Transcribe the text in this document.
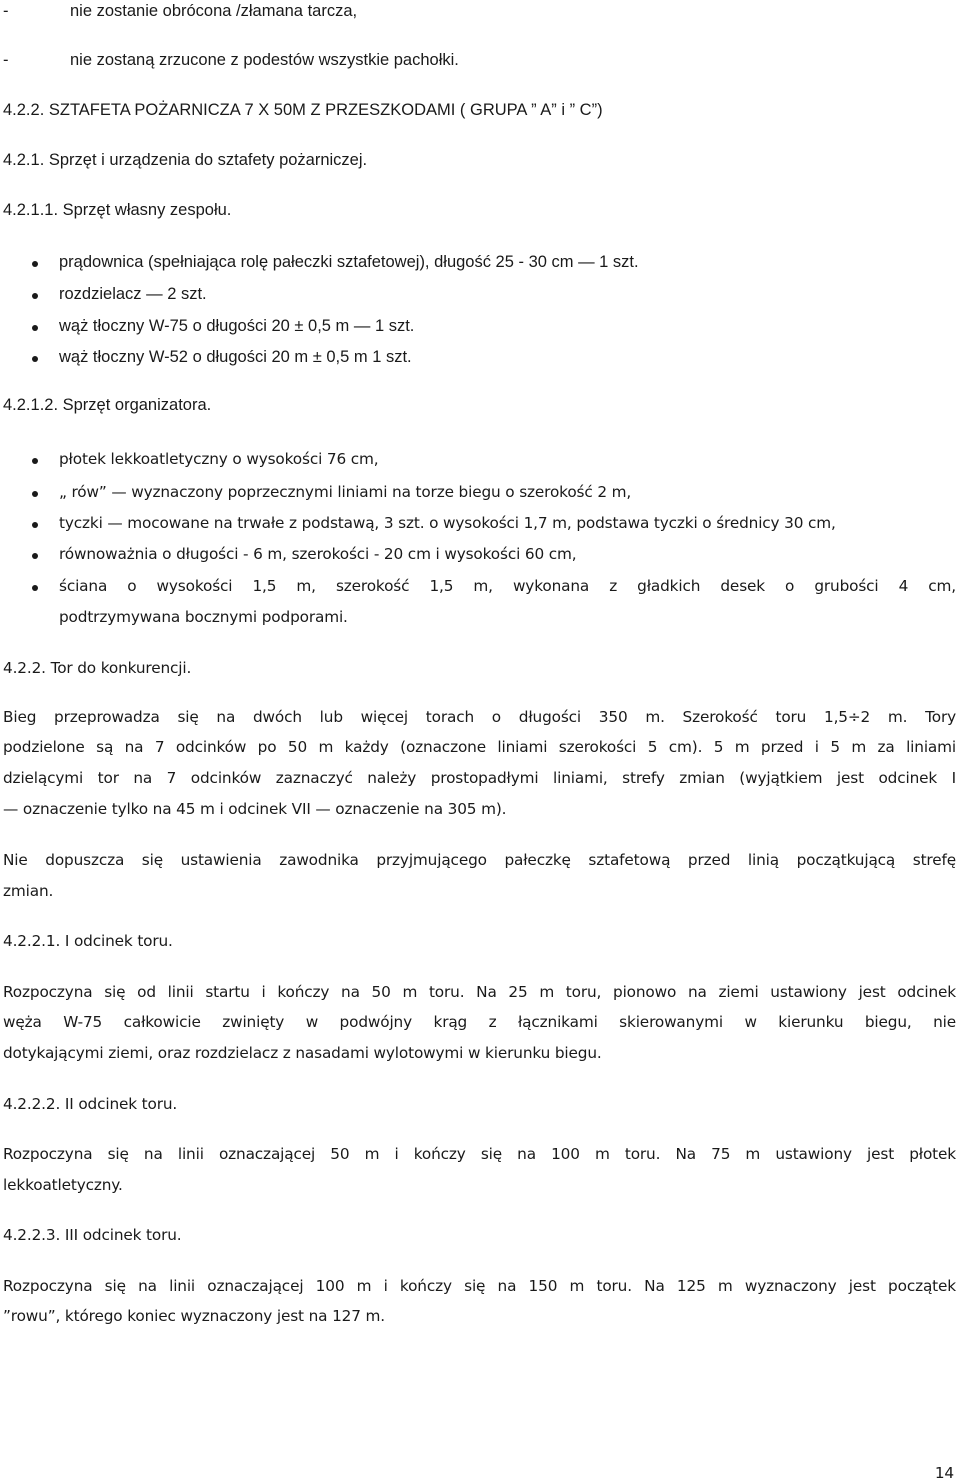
-	nie zostanie obrócona /złamana tarcza,
-	nie zostaną zrzucone z podestów wszystkie pachołki.
4.2.2. SZTAFETA POŻARNICZA 7 X 50M Z PRZESZKODAMI ( GRUPA ” A” i ” C”)
4.2.1. Sprzęt i urządzenia do sztafety pożarniczej.
4.2.1.1. Sprzęt własny zespołu.
prądownica (spełniająca rolę pałeczki sztafetowej), długość 25 - 30 cm — 1 szt.
rozdzielacz — 2 szt.
wąż tłoczny W-75 o długości 20 ± 0,5 m — 1 szt.
wąż tłoczny W-52 o długości 20 m ± 0,5 m 1 szt.
4.2.1.2. Sprzęt organizatora.
płotek lekkoatletyczny o wysokości 76 cm,
„ rów” — wyznaczony poprzecznymi liniami na torze biegu o szerokość 2 m,
tyczki — mocowane na trwałe z podstawą, 3 szt. o wysokości 1,7 m, podstawa tyczki o średnicy 30 cm,
równoważnia o długości - 6 m, szerokości - 20 cm i wysokości 60 cm,
ściana o wysokości 1,5 m, szerokość 1,5 m, wykonana z gładkich desek o grubości 4 cm,
podtrzymywana bocznymi podporami.
4.2.2. Tor do konkurencji.
Bieg przeprowadza się na dwóch lub więcej torach o długości 350 m. Szerokość toru 1,5÷2 m. Tory
podzielone są na 7 odcinków po 50 m każdy (oznaczone liniami szerokości 5 cm). 5 m przed i 5 m za liniami
dzielącymi tor na 7 odcinków zaznaczyć należy prostopadłymi liniami, strefy zmian (wyjątkiem jest odcinek I
— oznaczenie tylko na 45 m i odcinek VII — oznaczenie na 305 m).
Nie dopuszcza się ustawienia zawodnika przyjmującego pałeczkę sztafetową przed linią początkującą strefę
zmian.
4.2.2.1. I odcinek toru.
Rozpoczyna się od linii startu i kończy na 50 m toru. Na 25 m toru, pionowo na ziemi ustawiony jest odcinek
węża W-75 całkowicie zwinięty w podwójny krąg z łącznikami skierowanymi w kierunku biegu, nie
dotykającymi ziemi, oraz rozdzielacz z nasadami wylotowymi w kierunku biegu.
4.2.2.2. II odcinek toru.
Rozpoczyna się na linii oznaczającej 50 m i kończy się na 100 m toru. Na 75 m ustawiony jest płotek
lekkoatletyczny.
4.2.2.3. III odcinek toru.
Rozpoczyna się na linii oznaczającej 100 m i kończy się na 150 m toru. Na 125 m wyznaczony jest początek
”rowu”, którego koniec wyznaczony jest na 127 m.
14
